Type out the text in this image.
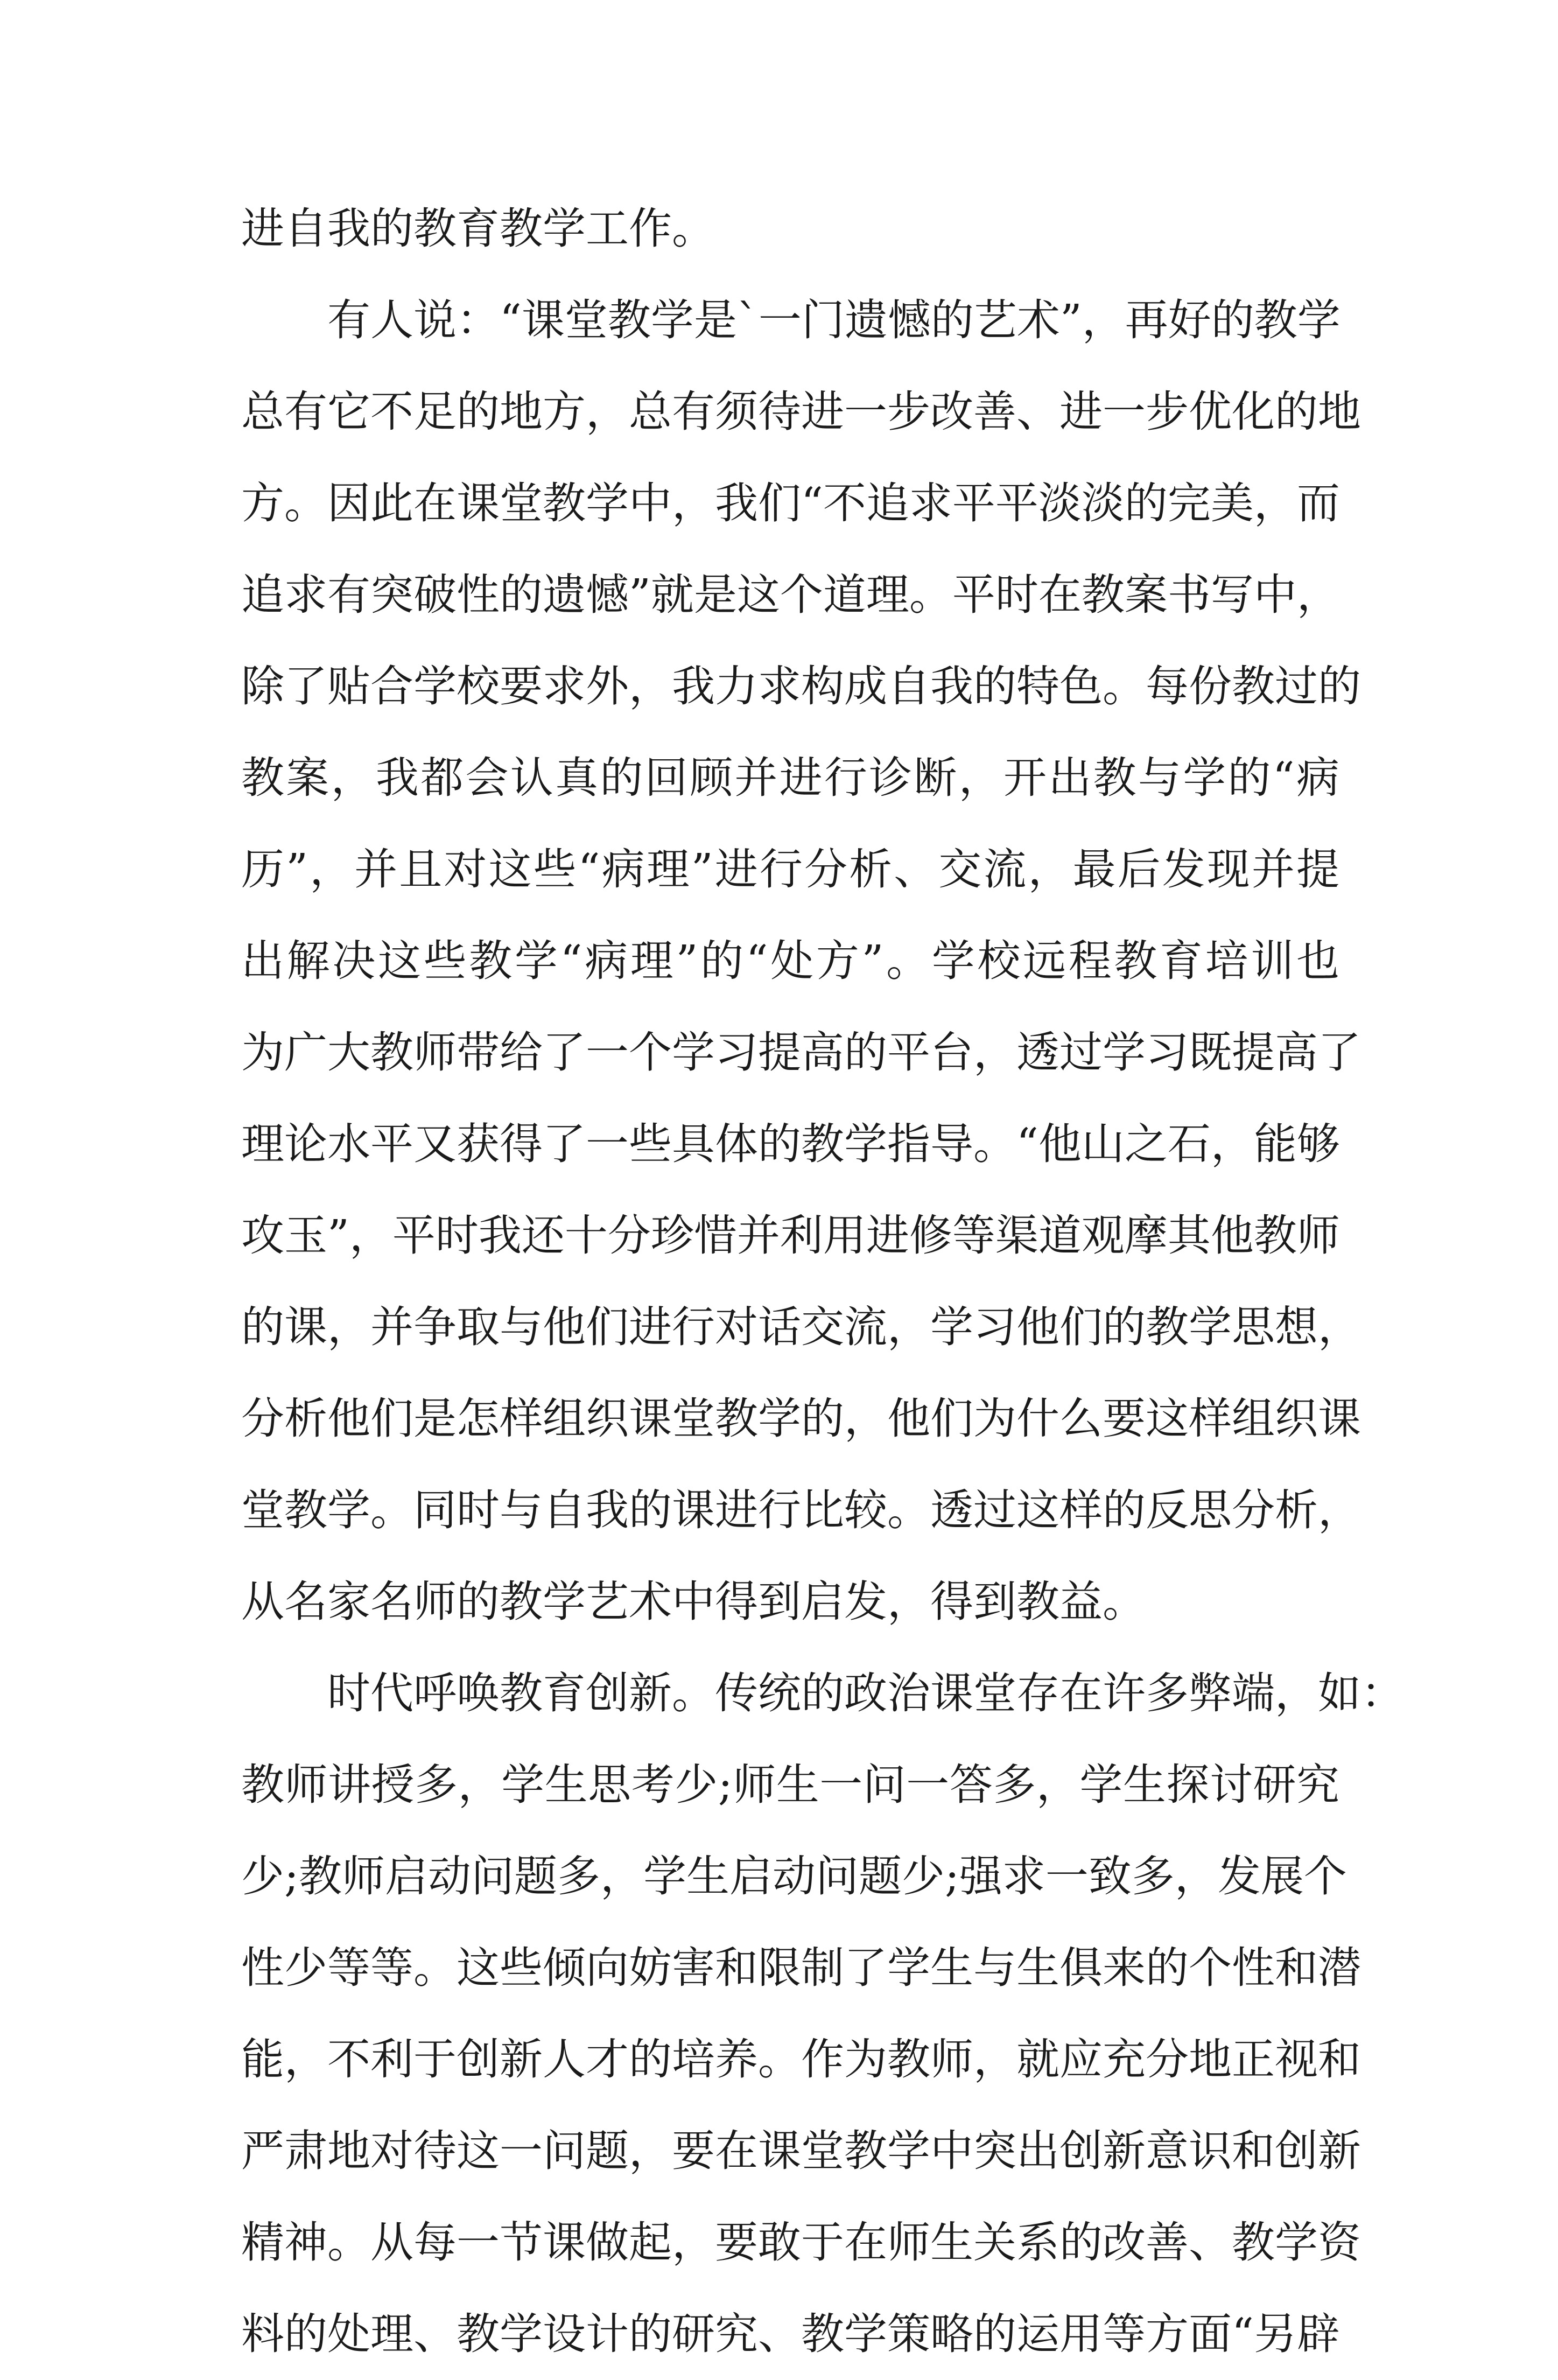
进自我的教育教学工作。
有人说：“课堂教学是`一门遗憾的艺术”，再好的教学
总有它不足的地方，总有须待进一步改善、进一步优化的地
方。因此在课堂教学中，我们“不追求平平淡淡的完美，而
追求有突破性的遗憾”就是这个道理。平时在教案书写中，
除了贴合学校要求外，我力求构成自我的特色。每份教过的
教案，我都会认真的回顾并进行诊断，开出教与学的“病
历”，并且对这些“病理”进行分析、交流，最后发现并提
出解决这些教学“病理”的“处方”。学校远程教育培训也
为广大教师带给了一个学习提高的平台，透过学习既提高了
理论水平又获得了一些具体的教学指导。“他山之石，能够
攻玉”，平时我还十分珍惜并利用进修等渠道观摩其他教师
的课，并争取与他们进行对话交流，学习他们的教学思想，
分析他们是怎样组织课堂教学的，他们为什么要这样组织课
堂教学。同时与自我的课进行比较。透过这样的反思分析，
从名家名师的教学艺术中得到启发，得到教益。
时代呼唤教育创新。传统的政治课堂存在许多弊端，如：
教师讲授多，学生思考少;师生一问一答多，学生探讨研究
少;教师启动问题多，学生启动问题少;强求一致多，发展个
性少等等。这些倾向妨害和限制了学生与生俱来的个性和潜
能，不利于创新人才的培养。作为教师，就应充分地正视和
严肃地对待这一问题，要在课堂教学中突出创新意识和创新
精神。从每一节课做起，要敢于在师生关系的改善、教学资
料的处理、教学设计的研究、教学策略的运用等方面“另辟
